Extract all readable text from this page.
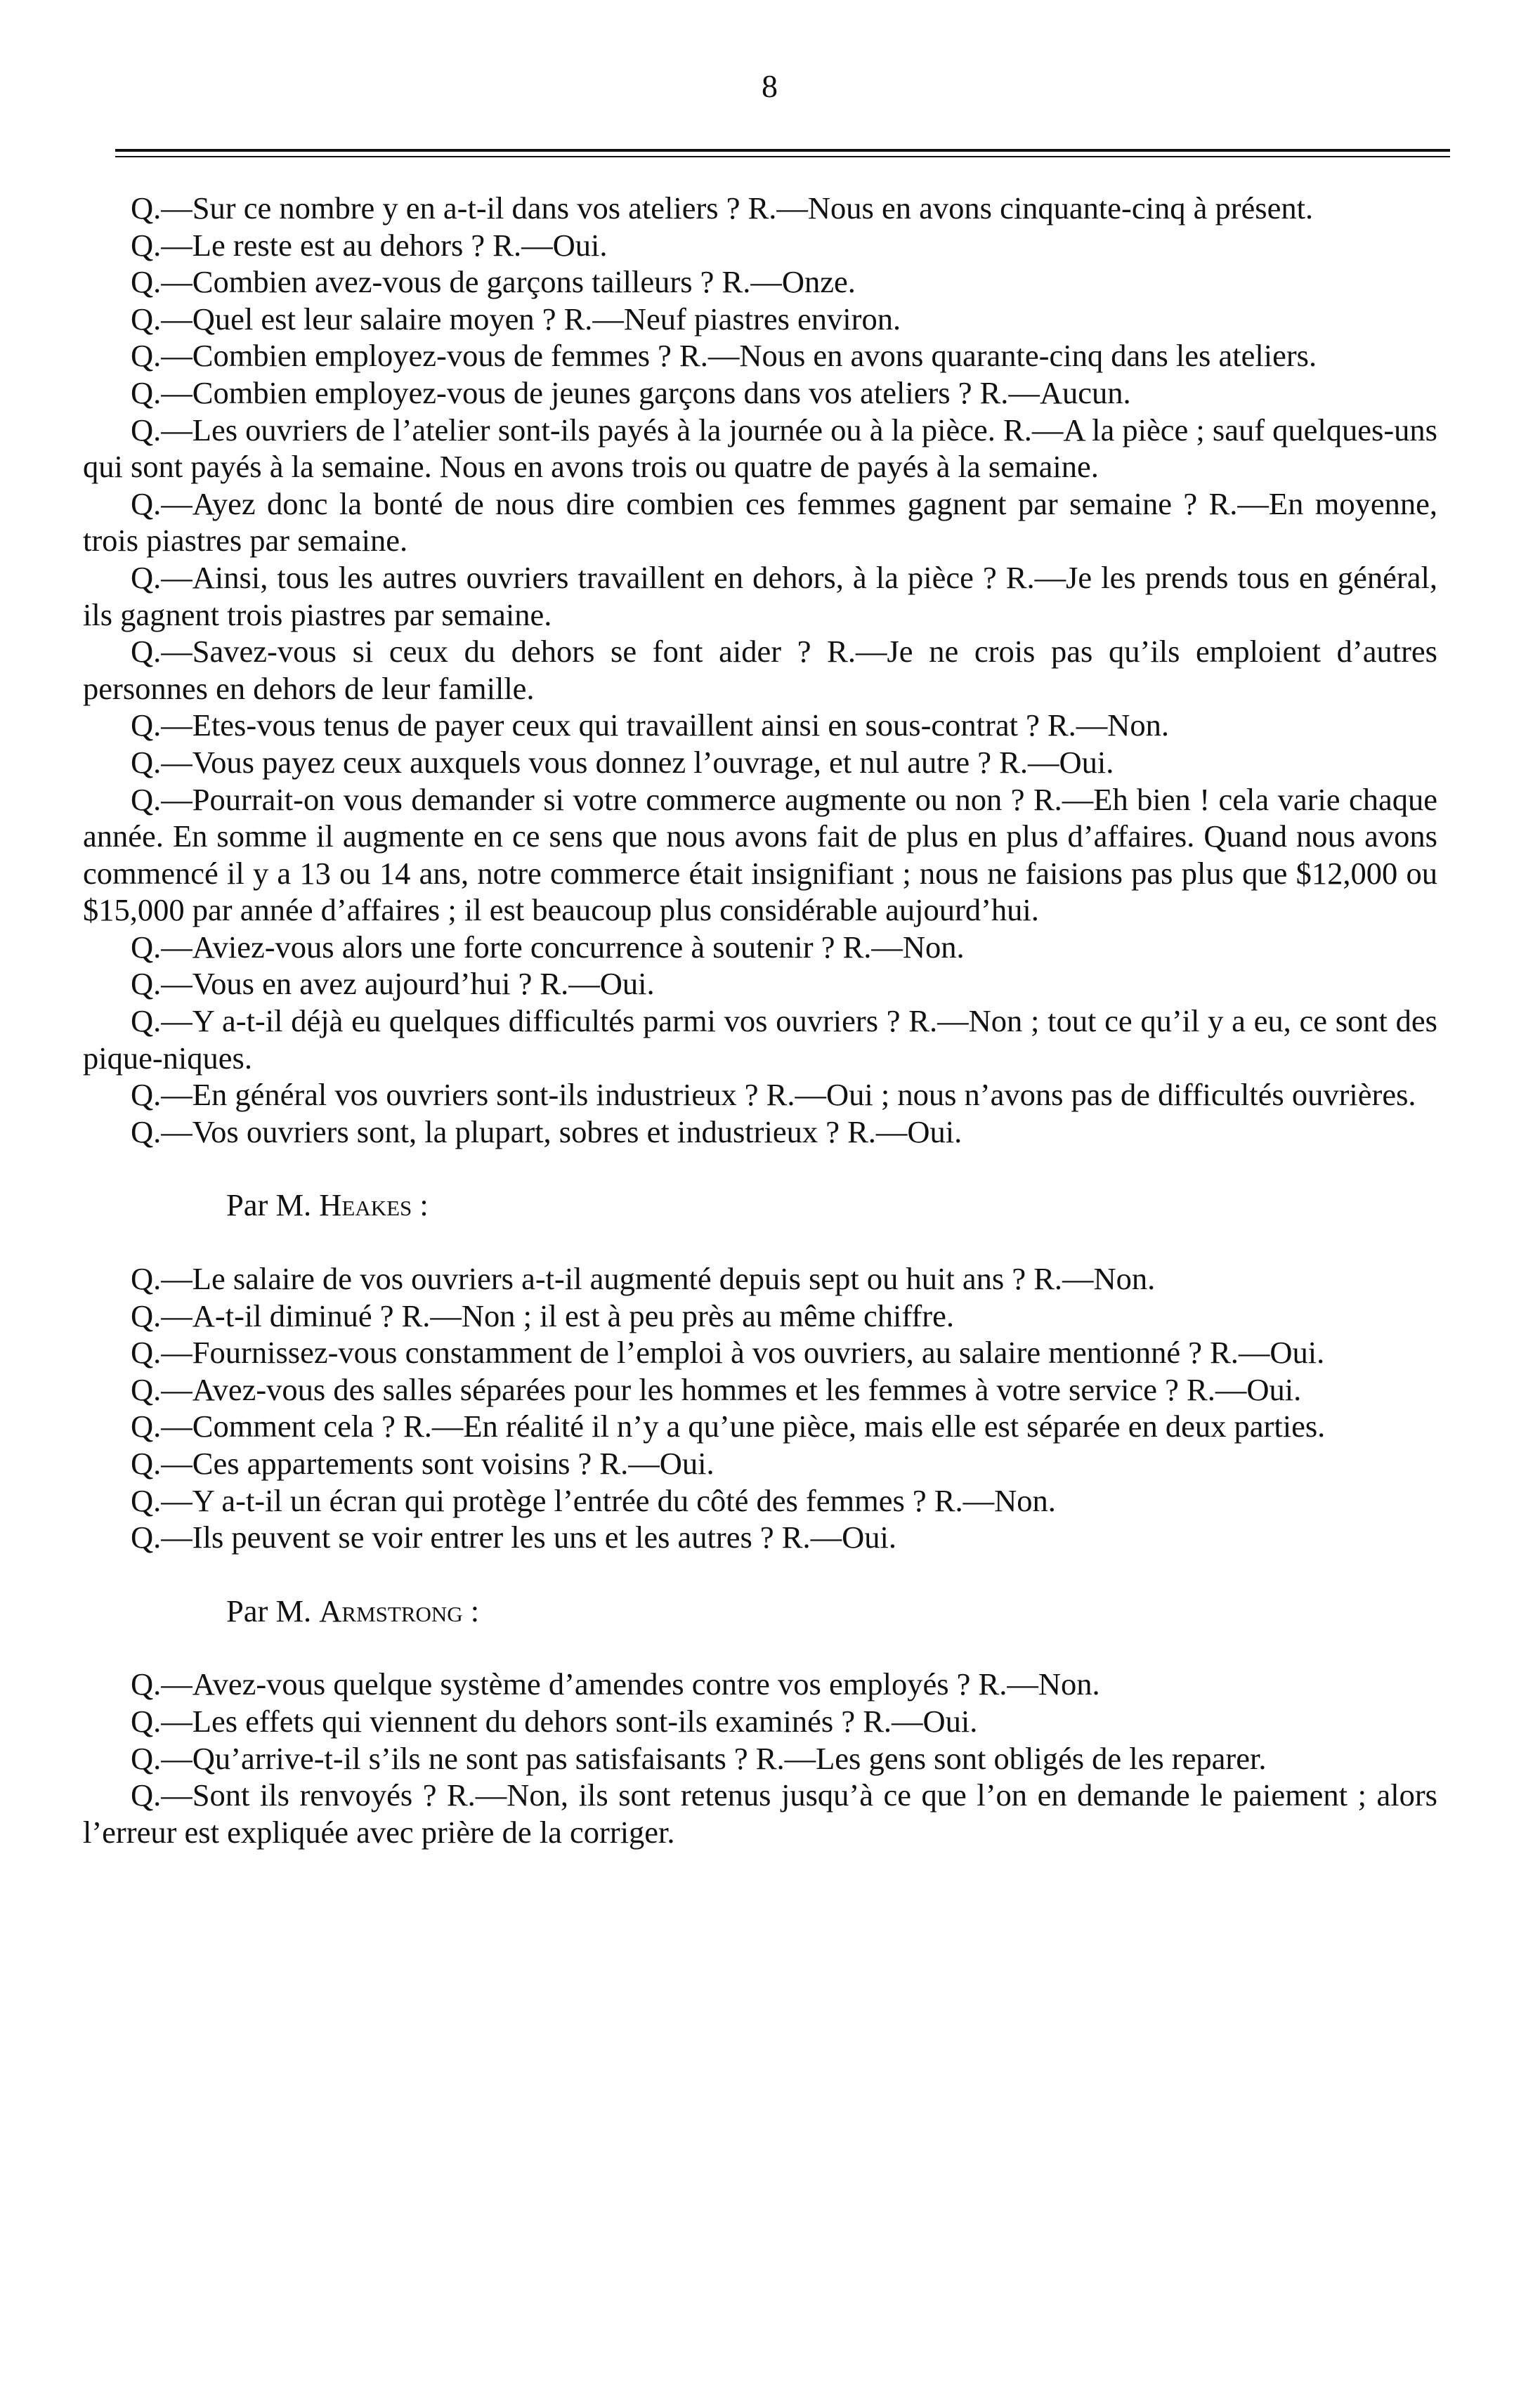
8

Q.—Sur ce nombre y en a-t-il dans vos ateliers ? R.—Nous en avons cinquante-cinq à présent.

Q.—Le reste est au dehors ? R.—Oui.

Q.—Combien avez-vous de garçons tailleurs ? R.—Onze.

Q.—Quel est leur salaire moyen ? R.—Neuf piastres environ.

Q.—Combien employez-vous de femmes ? R.—Nous en avons quarante-cinq dans les ateliers.

Q.—Combien employez-vous de jeunes garçons dans vos ateliers ? R.—Aucun.

Q.—Les ouvriers de l’atelier sont-ils payés à la journée ou à la pièce. R.—A la pièce ; sauf quelques-uns qui sont payés à la semaine. Nous en avons trois ou quatre de payés à la semaine.

Q.—Ayez donc la bonté de nous dire combien ces femmes gagnent par semaine ? R.—En moyenne, trois piastres par semaine.

Q.—Ainsi, tous les autres ouvriers travaillent en dehors, à la pièce ? R.—Je les prends tous en général, ils gagnent trois piastres par semaine.

Q.—Savez-vous si ceux du dehors se font aider ? R.—Je ne crois pas qu’ils emploient d’autres personnes en dehors de leur famille.

Q.—Etes-vous tenus de payer ceux qui travaillent ainsi en sous-contrat ? R.—Non.

Q.—Vous payez ceux auxquels vous donnez l’ouvrage, et nul autre ? R.—Oui.

Q.—Pourrait-on vous demander si votre commerce augmente ou non ? R.—Eh bien ! cela varie chaque année. En somme il augmente en ce sens que nous avons fait de plus en plus d’affaires. Quand nous avons commencé il y a 13 ou 14 ans, notre commerce était insignifiant ; nous ne faisions pas plus que $12,000 ou $15,000 par année d’affaires ; il est beaucoup plus considérable aujourd’hui.

Q.—Aviez-vous alors une forte concurrence à soutenir ? R.—Non.

Q.—Vous en avez aujourd’hui ? R.—Oui.

Q.—Y a-t-il déjà eu quelques difficultés parmi vos ouvriers ? R.—Non ; tout ce qu’il y a eu, ce sont des pique-niques.

Q.—En général vos ouvriers sont-ils industrieux ? R.—Oui ; nous n’avons pas de difficultés ouvrières.

Q.—Vos ouvriers sont, la plupart, sobres et industrieux ? R.—Oui.

Par M. Heakes :

Q.—Le salaire de vos ouvriers a-t-il augmenté depuis sept ou huit ans ? R.—Non.

Q.—A-t-il diminué ? R.—Non ; il est à peu près au même chiffre.

Q.—Fournissez-vous constamment de l’emploi à vos ouvriers, au salaire mentionné ? R.—Oui.

Q.—Avez-vous des salles séparées pour les hommes et les femmes à votre service ? R.—Oui.

Q.—Comment cela ? R.—En réalité il n’y a qu’une pièce, mais elle est séparée en deux parties.

Q.—Ces appartements sont voisins ? R.—Oui.

Q.—Y a-t-il un écran qui protège l’entrée du côté des femmes ? R.—Non.

Q.—Ils peuvent se voir entrer les uns et les autres ? R.—Oui.

Par M. Armstrong :

Q.—Avez-vous quelque système d’amendes contre vos employés ? R.—Non.

Q.—Les effets qui viennent du dehors sont-ils examinés ? R.—Oui.

Q.—Qu’arrive-t-il s’ils ne sont pas satisfaisants ? R.—Les gens sont obligés de les reparer.

Q.—Sont ils renvoyés ? R.—Non, ils sont retenus jusqu’à ce que l’on en demande le paiement ; alors l’erreur est expliquée avec prière de la corriger.
